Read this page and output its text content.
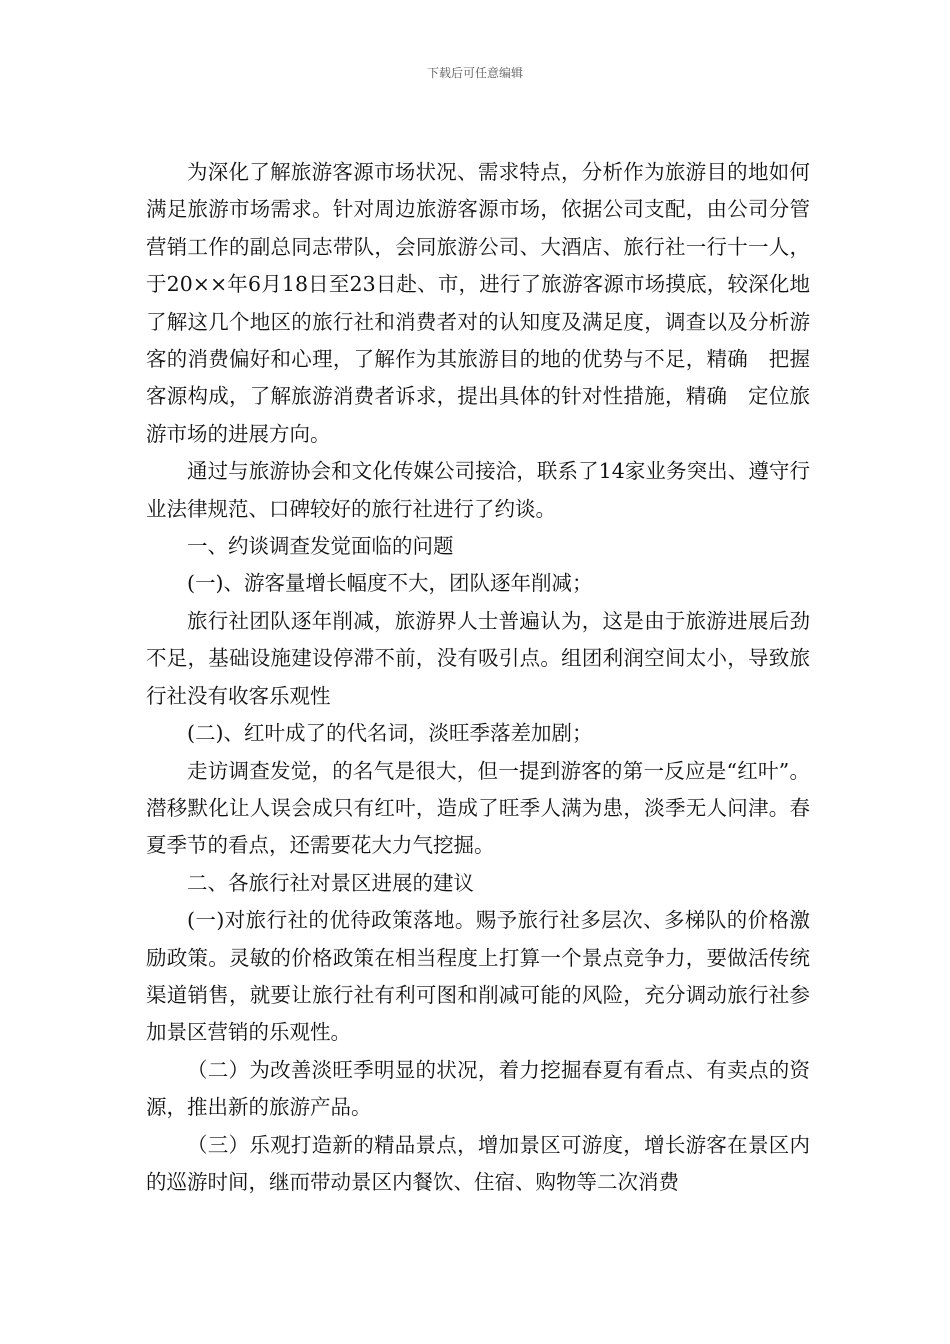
下载后可任意编辑

为深化了解旅游客源市场状况、需求特点，分析作为旅游目的地如何满足旅游市场需求。针对周边旅游客源市场，依据公司支配，由公司分管营销工作的副总同志带队，会同旅游公司、大酒店、旅行社一行十一人，于20××年6月18日至23日赴、市，进行了旅游客源市场摸底，较深化地了解这几个地区的旅行社和消费者对的认知度及满足度，调查以及分析游客的消费偏好和心理，了解作为其旅游目的地的优势与不足，精确　把握客源构成，了解旅游消费者诉求，提出具体的针对性措施，精确　定位旅游市场的进展方向。

通过与旅游协会和文化传媒公司接洽，联系了14家业务突出、遵守行业法律规范、口碑较好的旅行社进行了约谈。

一、约谈调查发觉面临的问题

(一)、游客量增长幅度不大，团队逐年削减；

旅行社团队逐年削减，旅游界人士普遍认为，这是由于旅游进展后劲不足，基础设施建设停滞不前，没有吸引点。组团利润空间太小，导致旅行社没有收客乐观性

(二)、红叶成了的代名词，淡旺季落差加剧；

走访调查发觉，的名气是很大，但一提到游客的第一反应是“红叶”。潜移默化让人误会成只有红叶，造成了旺季人满为患，淡季无人问津。春夏季节的看点，还需要花大力气挖掘。

二、各旅行社对景区进展的建议

(一)对旅行社的优待政策落地。赐予旅行社多层次、多梯队的价格激励政策。灵敏的价格政策在相当程度上打算一个景点竞争力，要做活传统渠道销售，就要让旅行社有利可图和削减可能的风险，充分调动旅行社参加景区营销的乐观性。

（二）为改善淡旺季明显的状况，着力挖掘春夏有看点、有卖点的资源，推出新的旅游产品。

（三）乐观打造新的精品景点，增加景区可游度，增长游客在景区内的巡游时间，继而带动景区内餐饮、住宿、购物等二次消费
